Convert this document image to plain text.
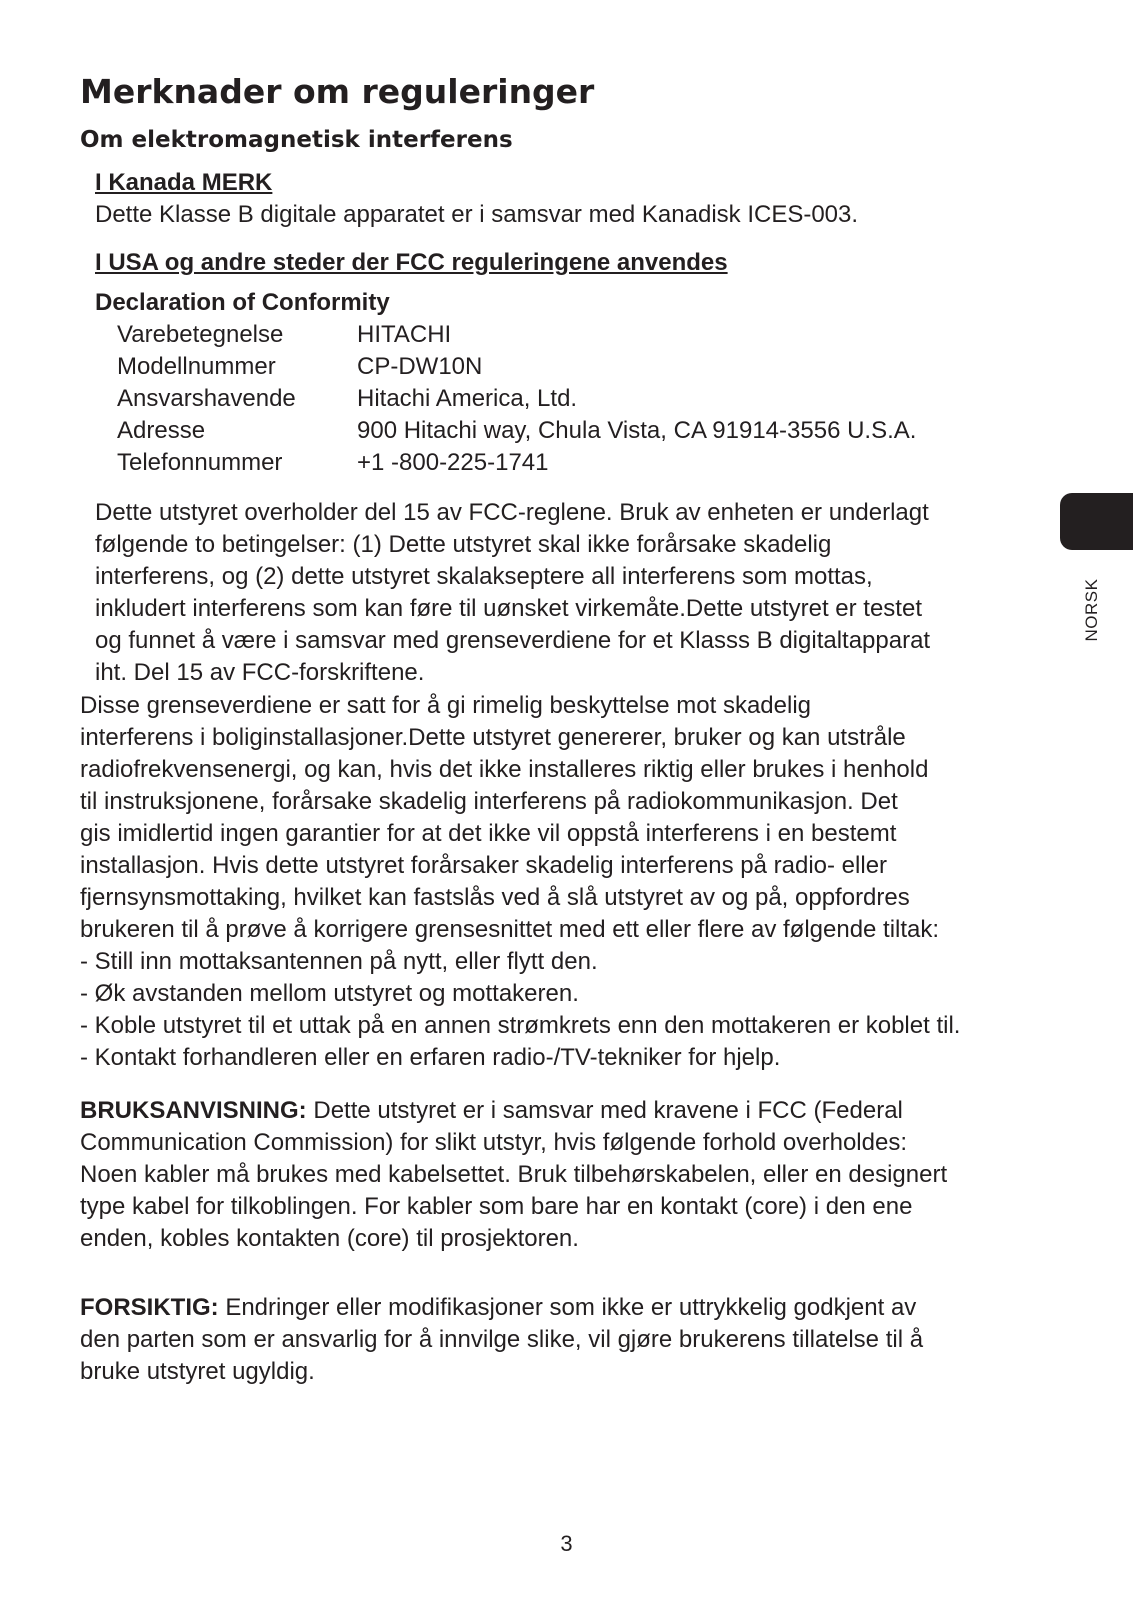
Merknader om reguleringer
Om elektromagnetisk interferens

I Kanada MERK

Dette Klasse B digitale apparatet er i samsvar med Kanadisk ICES-003.

I USA og andre steder der FCC reguleringene anvendes

Declaration of Conformity

Varebetegnelse	HITACHI
Modellnummer	CP-DW10N
Ansvarshavende	Hitachi America, Ltd.
Adresse	900 Hitachi way, Chula Vista, CA 91914-3556 U.S.A.
Telefonnummer	+1 -800-225-1741

Dette utstyret overholder del 15 av FCC-reglene. Bruk av enheten er underlagt

følgende to betingelser: (1) Dette utstyret skal ikke forårsake skadelig

interferens, og (2) dette utstyret skalakseptere all interferens som mottas,

inkludert interferens som kan føre til uønsket virkemåte.Dette utstyret er testet

og funnet å være i samsvar med grenseverdiene for et Klasss B digitaltapparat

iht. Del 15 av FCC-forskriftene.

Disse grenseverdiene er satt for å gi rimelig beskyttelse mot skadelig

interferens i boliginstallasjoner.Dette utstyret genererer, bruker og kan utstråle

radiofrekvensenergi, og kan, hvis det ikke installeres riktig eller brukes i henhold

til instruksjonene, forårsake skadelig interferens på radiokommunikasjon. Det

gis imidlertid ingen garantier for at det ikke vil oppstå interferens i en bestemt

installasjon. Hvis dette utstyret forårsaker skadelig interferens på radio- eller

fjernsynsmottaking, hvilket kan fastslås ved å slå utstyret av og på, oppfordres

brukeren til å prøve å korrigere grensesnittet med ett eller flere av følgende tiltak:

- Still inn mottaksantennen på nytt, eller flytt den.
- Øk avstanden mellom utstyret og mottakeren.
- Koble utstyret til et uttak på en annen strømkrets enn den mottakeren er koblet til.
- Kontakt forhandleren eller en erfaren radio-/TV-tekniker for hjelp.

BRUKSANVISNING: Dette utstyret er i samsvar med kravene i FCC (Federal

Communication Commission) for slikt utstyr, hvis følgende forhold overholdes:

Noen kabler må brukes med kabelsettet. Bruk tilbehørskabelen, eller en designert

type kabel for tilkoblingen. For kabler som bare har en kontakt (core) i den ene

enden, kobles kontakten (core) til prosjektoren.

FORSIKTIG: Endringer eller modifikasjoner som ikke er uttrykkelig godkjent av

den parten som er ansvarlig for å innvilge slike, vil gjøre brukerens tillatelse til å

bruke utstyret ugyldig.

NORSK
3
